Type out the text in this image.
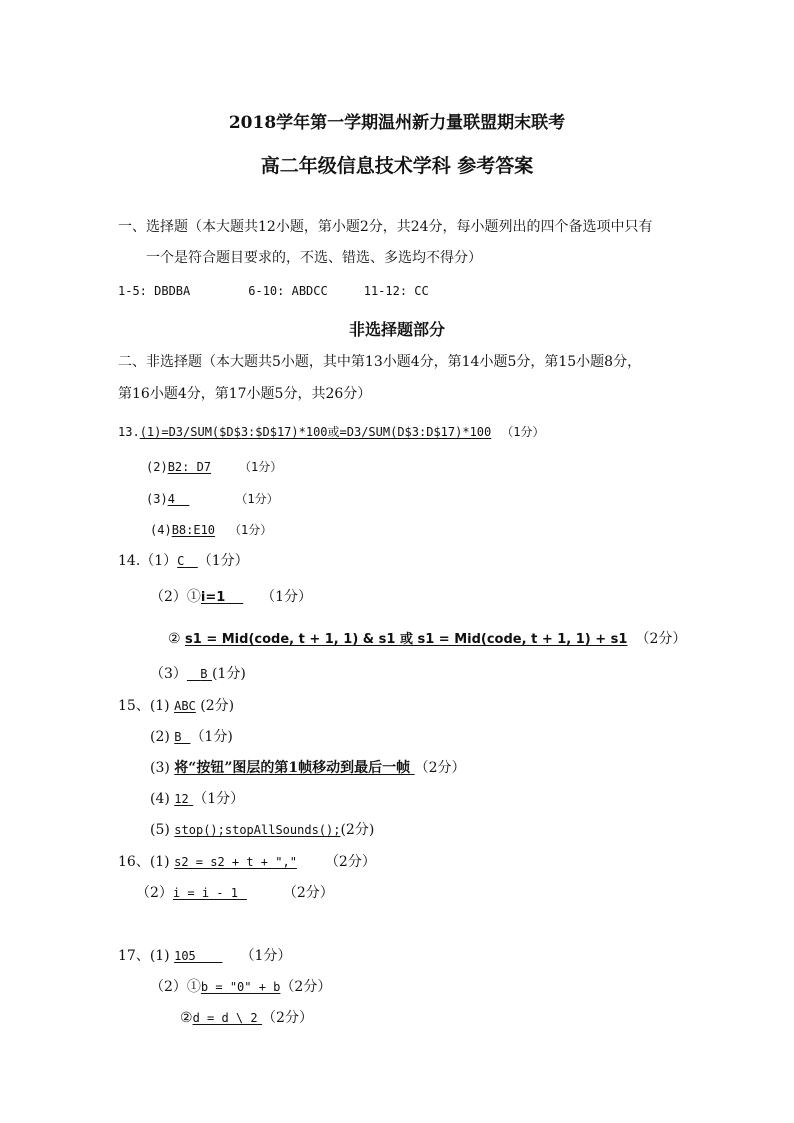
2018学年第一学期温州新力量联盟期末联考
高二年级信息技术学科 参考答案
一、选择题（本大题共12小题，第小题2分，共24分，每小题列出的四个备选项中只有
一个是符合题目要求的，不选、错选、多选均不得分）
1-5: DBDBA	6-10: ABDCC	11-12: CC
非选择题部分
二、非选择题（本大题共5小题，其中第13小题4分，第14小题5分，第15小题8分，
第16小题4分，第17小题5分，共26分）
13.(1)=D3/SUM($D$3:$D$17)*100或=D3/SUM(D$3:D$17)*100 （1分）
(2)B2: D7 （1分）
(3)4	（1分）
(4)B8:E10 （1分）
14.（1）C （1分）
（2）①i=1	（1分）
② s1 = Mid(code, t + 1, 1) & s1 或 s1 = Mid(code, t + 1, 1) + s1 （2分）
（3） B (1分)
15、(1) ABC (2分)
(2) B （1分)
(3) 将“按钮”图层的第1帧移动到最后一帧 （2分）
(4) 12 （1分）
(5) stop();stopAllSounds();(2分)
16、(1) s2 = s2 + t + "," （2分）
（2）i = i - 1	（2分）
17、(1) 105	（1分）
（2）①b = "0" + b（2分）
②d = d \ 2 （2分）
